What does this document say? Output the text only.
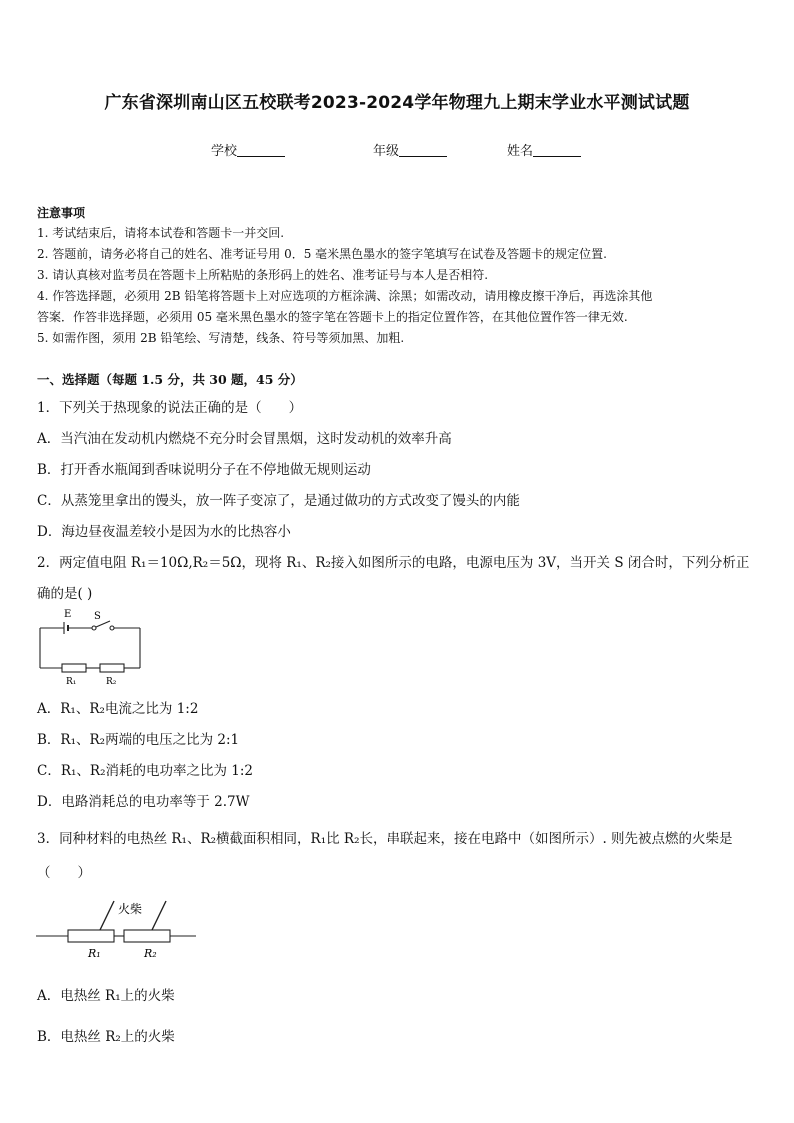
广东省深圳南山区五校联考2023-2024学年物理九上期末学业水平测试试题
学校	年级	姓名
注意事项
1. 考试结束后，请将本试卷和答题卡一并交回.
2. 答题前，请务必将自己的姓名、准考证号用 0．5 毫米黑色墨水的签字笔填写在试卷及答题卡的规定位置.
3. 请认真核对监考员在答题卡上所粘贴的条形码上的姓名、准考证号与本人是否相符.
4. 作答选择题，必须用 2B 铅笔将答题卡上对应选项的方框涂满、涂黑；如需改动，请用橡皮擦干净后，再选涂其他
答案．作答非选择题，必须用 05 毫米黑色墨水的签字笔在答题卡上的指定位置作答，在其他位置作答一律无效.
5. 如需作图，须用 2B 铅笔绘、写清楚，线条、符号等须加黑、加粗.
一、选择题（每题 1.5 分，共 30 题，45 分）
1．下列关于热现象的说法正确的是（　　）
A．当汽油在发动机内燃烧不充分时会冒黑烟，这时发动机的效率升高
B．打开香水瓶闻到香味说明分子在不停地做无规则运动
C．从蒸笼里拿出的馒头，放一阵子变凉了，是通过做功的方式改变了馒头的内能
D．海边昼夜温差较小是因为水的比热容小
2．两定值电阻 R₁＝10Ω,R₂＝5Ω，现将 R₁、R₂接入如图所示的电路，电源电压为 3V，当开关 S 闭合时，下列分析正
确的是( )
E S
R₁	R₂
A．R₁、R₂电流之比为 1:2
B．R₁、R₂两端的电压之比为 2:1
C．R₁、R₂消耗的电功率之比为 1:2
D．电路消耗总的电功率等于 2.7W
3．同种材料的电热丝 R₁、R₂横截面积相同，R₁比 R₂长，串联起来，接在电路中（如图所示）. 则先被点燃的火柴是
（　　）
火柴
R₁	R₂
A．电热丝 R₁上的火柴
B．电热丝 R₂上的火柴
